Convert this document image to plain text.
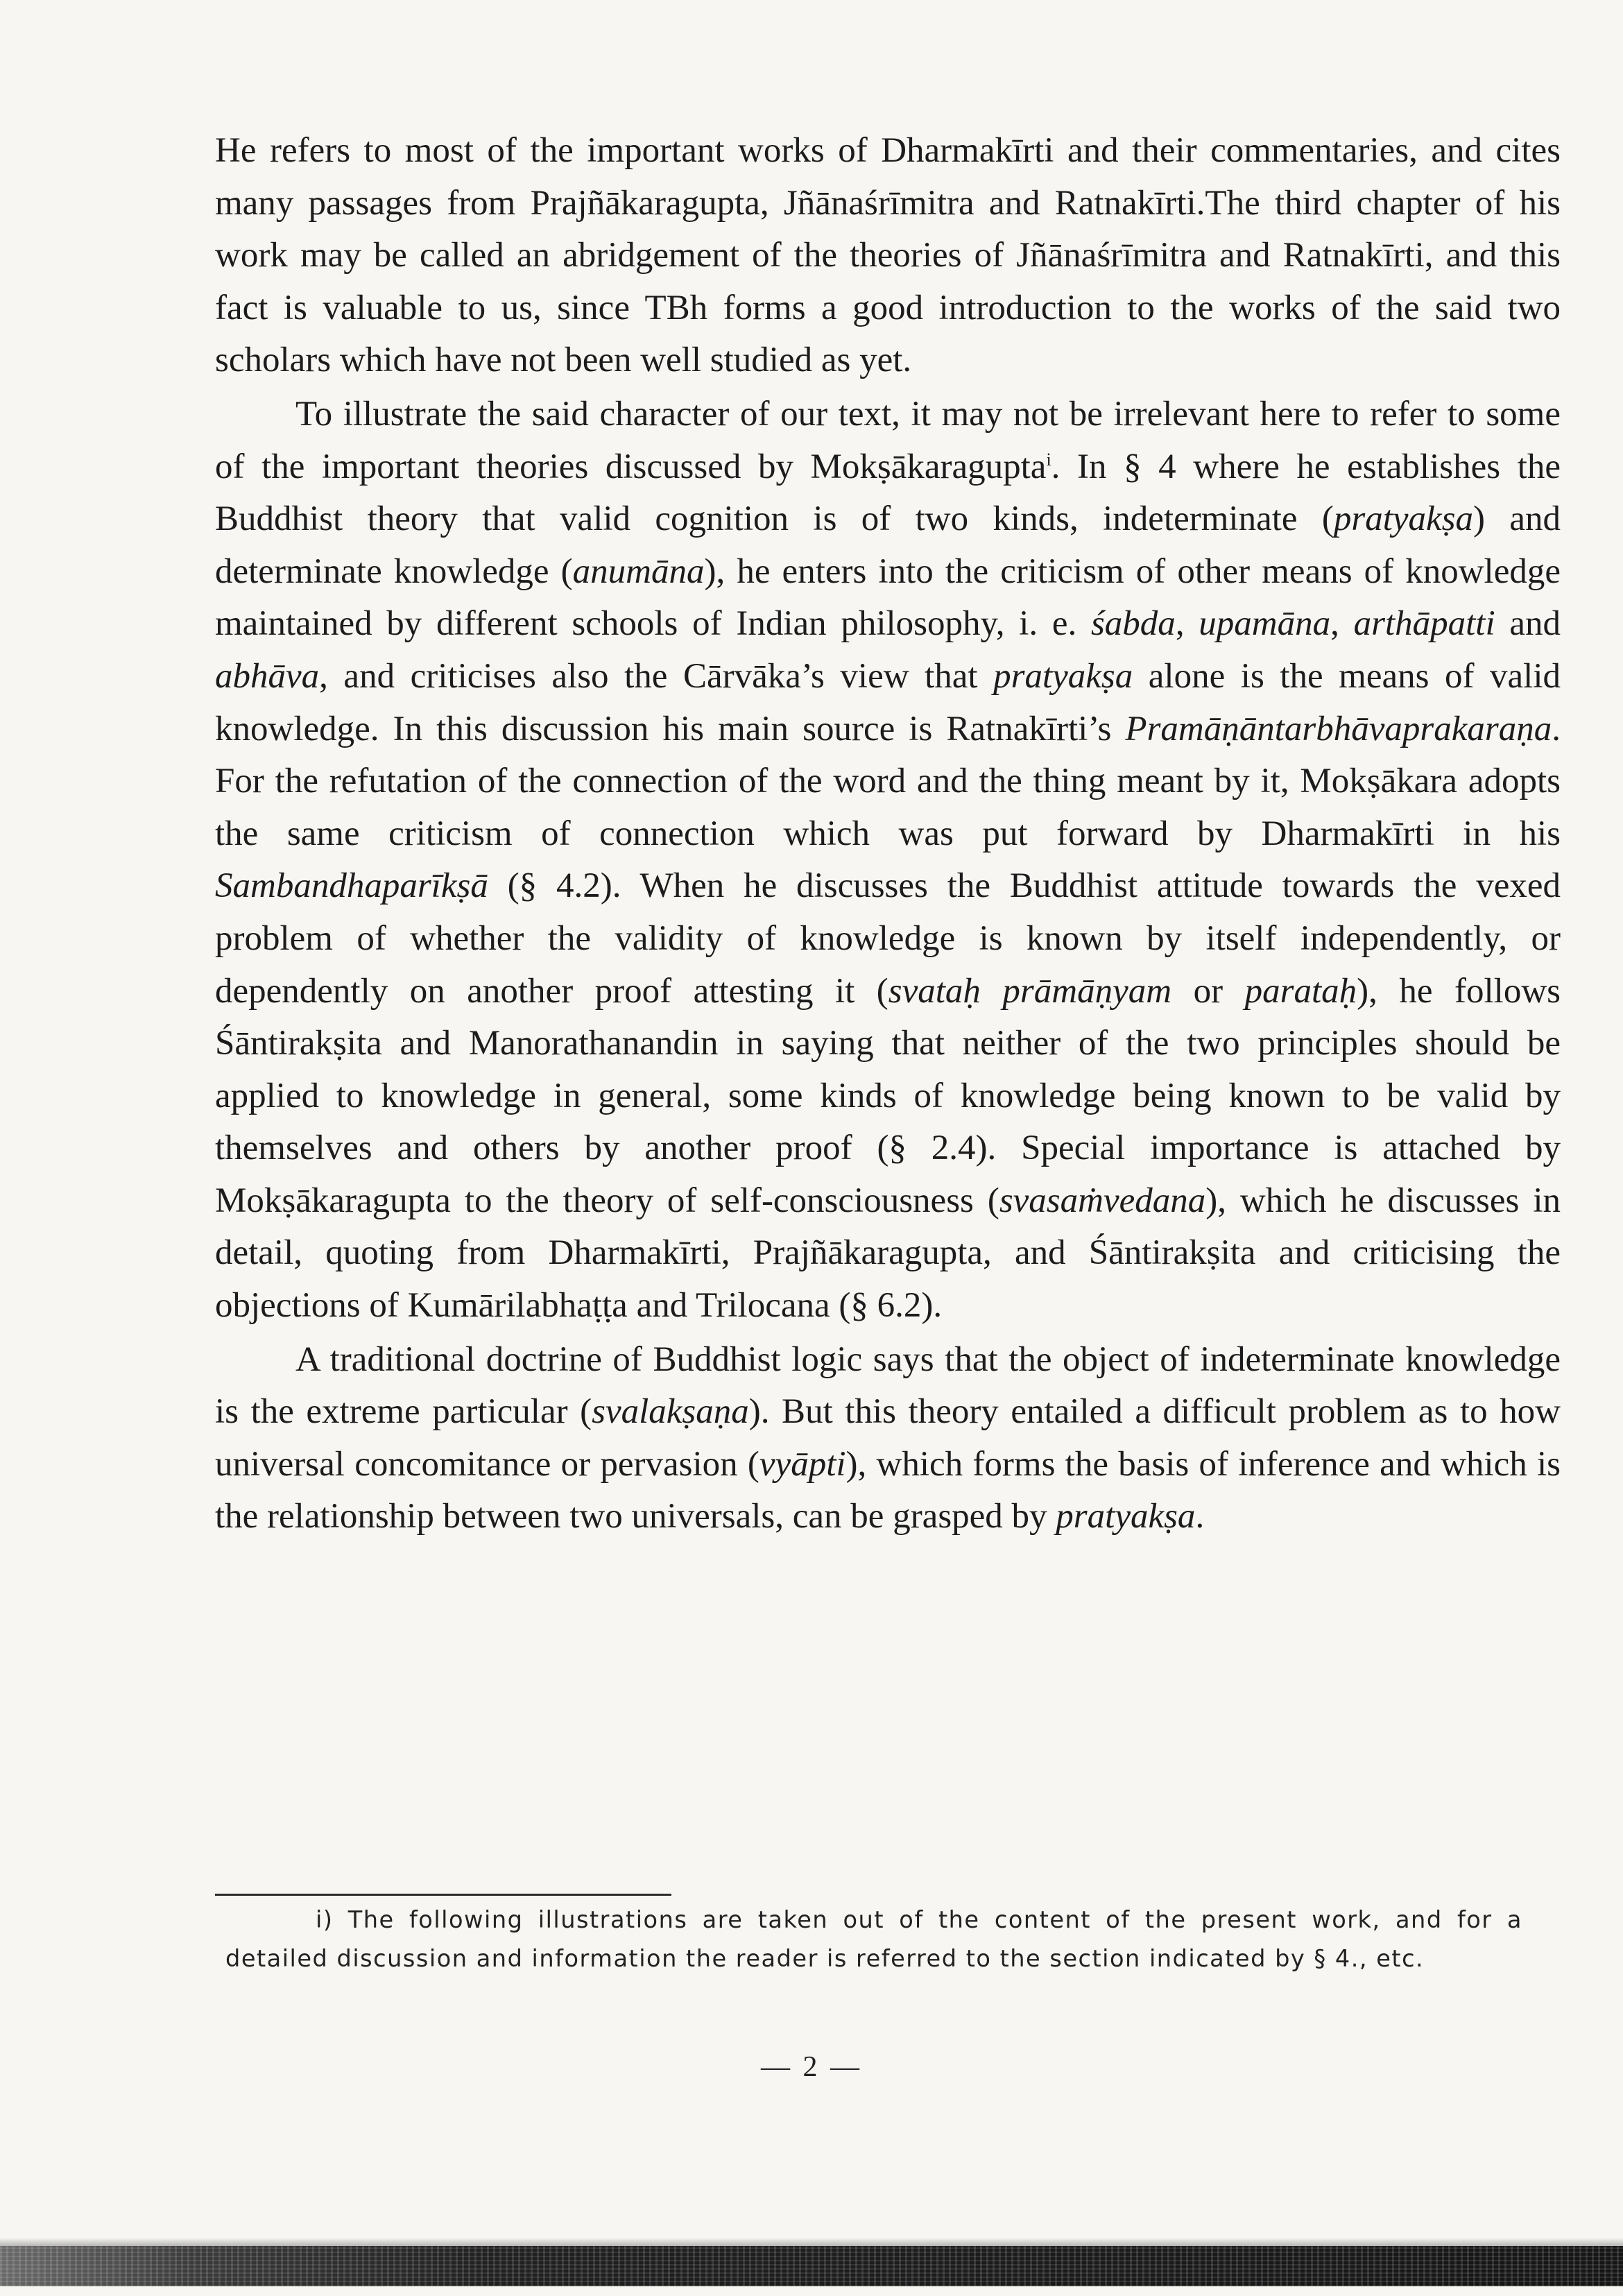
He refers to most of the important works of Dharmakīrti and their commentaries, and cites many passages from Prajñākaragupta, Jñānaśrīmitra and Ratnakīrti.The third chapter of his work may be called an abridgement of the theories of Jñānaśrīmitra and Ratnakīrti, and this fact is valuable to us, since TBh forms a good introduction to the works of the said two scholars which have not been well studied as yet.

To illustrate the said character of our text, it may not be irrelevant here to refer to some of the important theories discussed by Mokṣākaragupta$^i$. In § 4 where he establishes the Buddhist theory that valid cognition is of two kinds, indeterminate (pratyakṣa) and determinate knowledge (anumāna), he enters into the criticism of other means of knowledge maintained by different schools of Indian philosophy, i. e. śabda, upamāna, arthāpatti and abhāva, and criticises also the Cārvāka’s view that pratyakṣa alone is the means of valid knowledge. In this discussion his main source is Ratnakīrti’s Pramāṇāntarbhāvaprakaraṇa. For the refutation of the connection of the word and the thing meant by it, Mokṣākara adopts the same criticism of connection which was put forward by Dharmakīrti in his Sambandhaparīkṣā (§ 4.2). When he discusses the Buddhist attitude towards the vexed problem of whether the validity of knowledge is known by itself independently, or dependently on another proof attesting it (svataḥ prāmāṇyam or parataḥ), he follows Śāntirakṣita and Manorathanandin in saying that neither of the two principles should be applied to knowledge in general, some kinds of knowledge being known to be valid by themselves and others by another proof (§ 2.4). Special importance is attached by Mokṣākaragupta to the theory of self-consciousness (svasaṁvedana), which he discusses in detail, quoting from Dharmakīrti, Prajñākaragupta, and Śāntirakṣita and criticising the objections of Kumārilabhaṭṭa and Trilocana (§ 6.2).

A traditional doctrine of Buddhist logic says that the object of indeterminate knowledge is the extreme particular (svalakṣaṇa). But this theory entailed a difficult problem as to how universal concomitance or pervasion (vyāpti), which forms the basis of inference and which is the relationship between two universals, can be grasped by pratyakṣa.

i) The following illustrations are taken out of the content of the present work, and for a detailed discussion and information the reader is referred to the section indicated by § 4., etc.

— 2 —
